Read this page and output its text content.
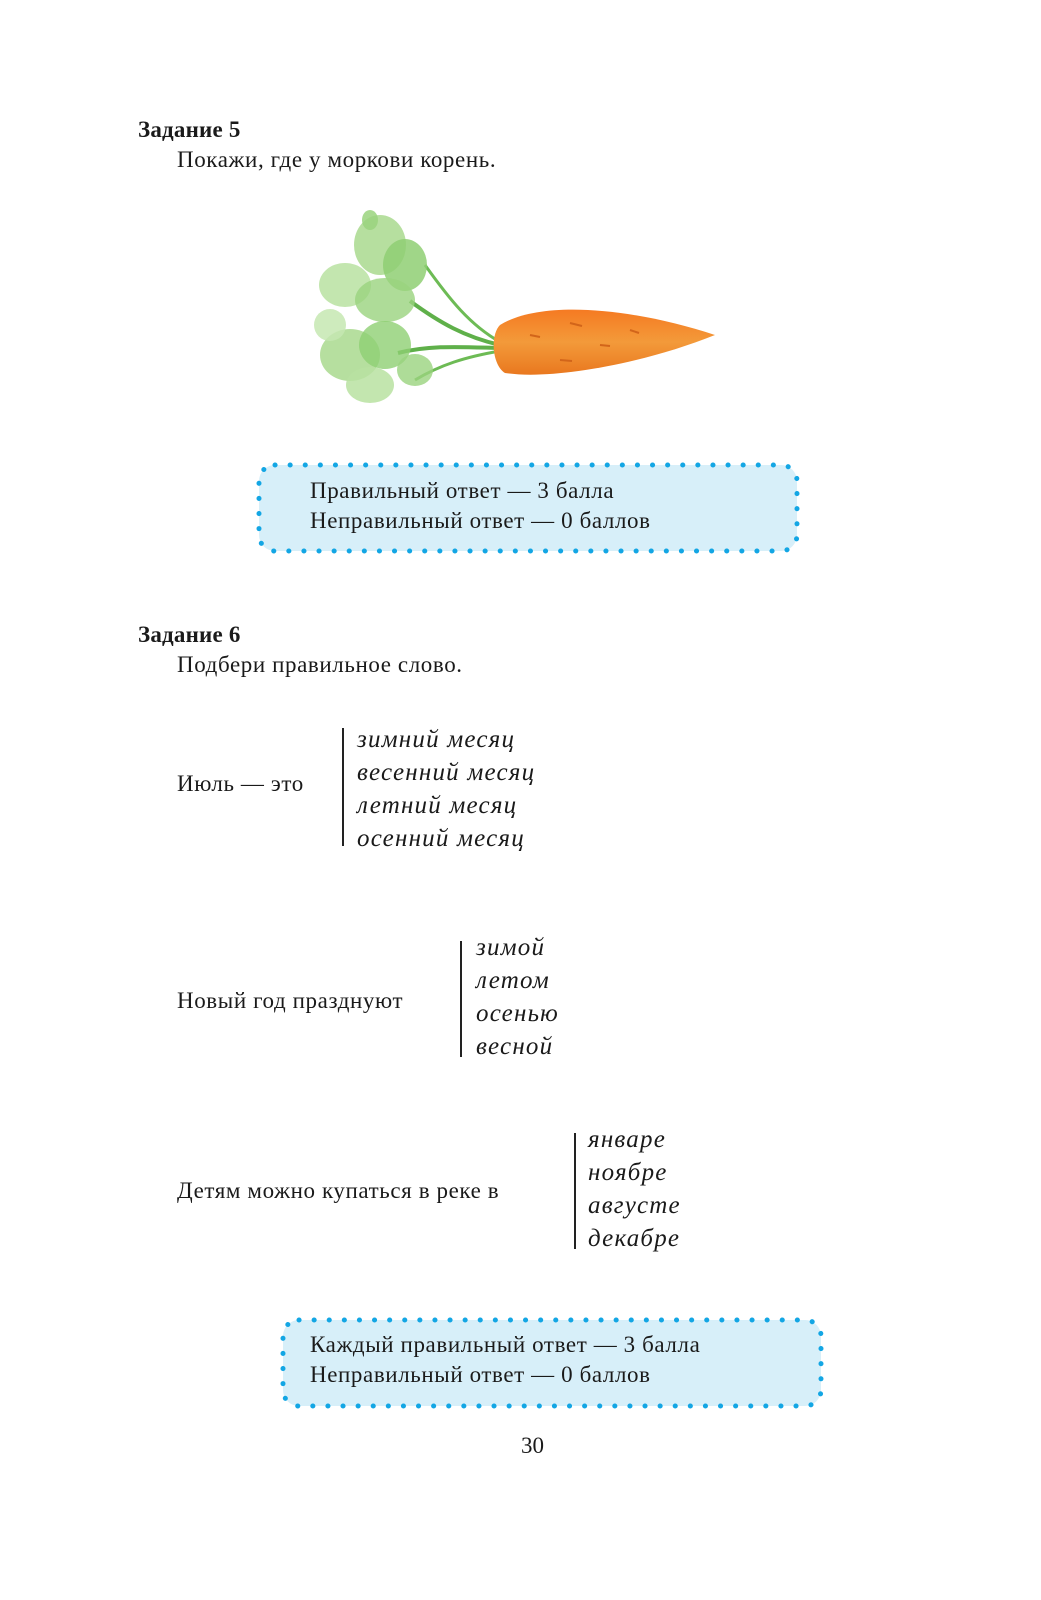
Задание 5
Покажи, где у моркови корень.
Правильный ответ — 3 балла
Неправильный ответ — 0 баллов
Задание 6
Подбери правильное слово.
Июль — это
зимний месяц
весенний месяц
летний месяц
осенний месяц
Новый год празднуют
зимой
летом
осенью
весной
Детям можно купаться в реке в
январе
ноябре
августе
декабре
Каждый правильный ответ — 3 балла
Неправильный ответ — 0 баллов
30
